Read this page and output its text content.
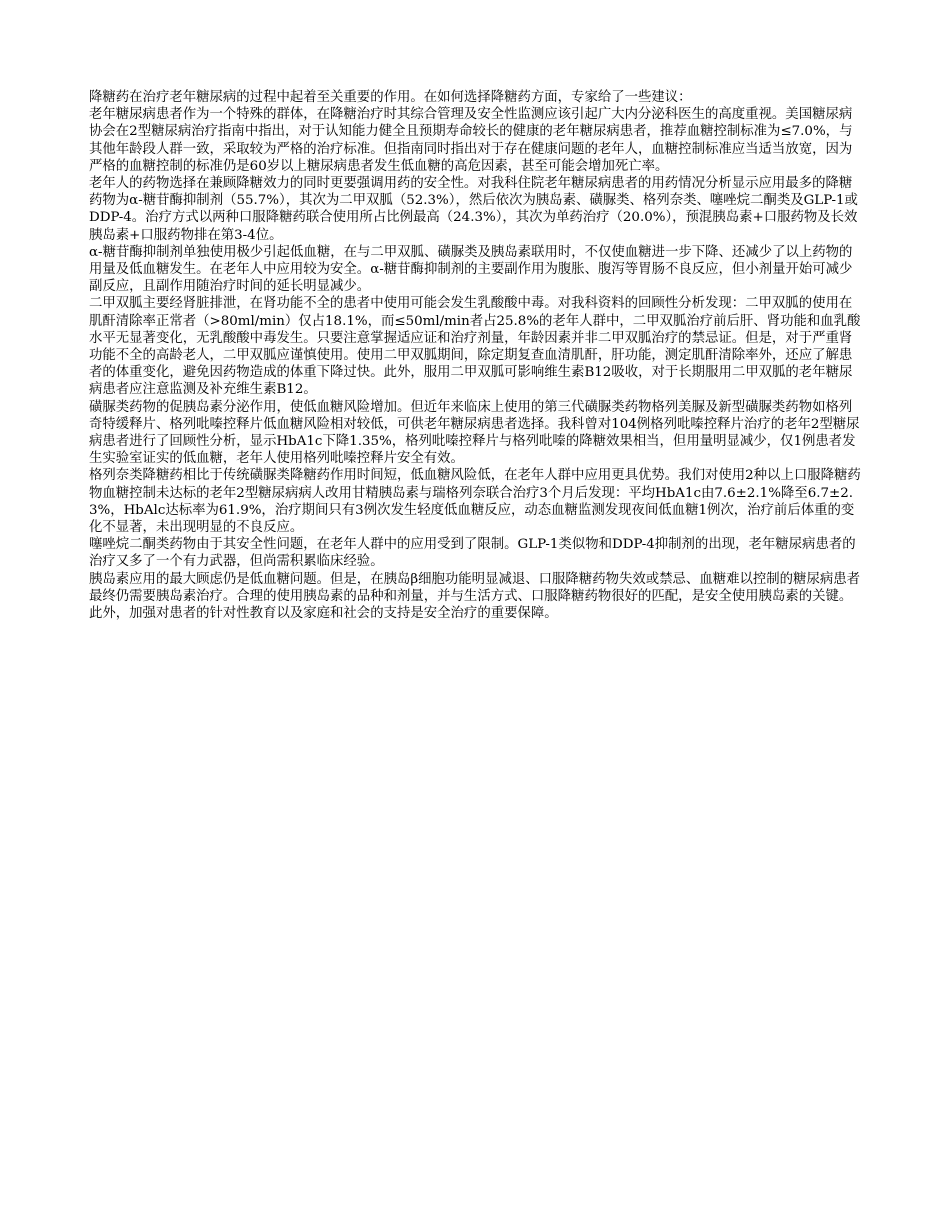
降糖药在治疗老年糖尿病的过程中起着至关重要的作用。在如何选择降糖药方面，专家给了一些建议：

老年糖尿病患者作为一个特殊的群体，在降糖治疗时其综合管理及安全性监测应该引起广大内分泌科医生的高度重视。美国糖尿病协会在2型糖尿病治疗指南中指出，对于认知能力健全且预期寿命较长的健康的老年糖尿病患者，推荐血糖控制标准为≤7.0%，与其他年龄段人群一致，采取较为严格的治疗标准。但指南同时指出对于存在健康问题的老年人，血糖控制标准应当适当放宽，因为严格的血糖控制的标准仍是60岁以上糖尿病患者发生低血糖的高危因素，甚至可能会增加死亡率。

老年人的药物选择在兼顾降糖效力的同时更要强调用药的安全性。对我科住院老年糖尿病患者的用药情况分析显示应用最多的降糖药物为α-糖苷酶抑制剂（55.7%），其次为二甲双胍（52.3%），然后依次为胰岛素、磺脲类、格列奈类、噻唑烷二酮类及GLP-1或DDP-4。治疗方式以两种口服降糖药联合使用所占比例最高（24.3%），其次为单药治疗（20.0%），预混胰岛素+口服药物及长效胰岛素+口服药物排在第3-4位。

α-糖苷酶抑制剂单独使用极少引起低血糖，在与二甲双胍、磺脲类及胰岛素联用时，不仅使血糖进一步下降、还减少了以上药物的用量及低血糖发生。在老年人中应用较为安全。α-糖苷酶抑制剂的主要副作用为腹胀、腹泻等胃肠不良反应，但小剂量开始可减少副反应，且副作用随治疗时间的延长明显减少。

二甲双胍主要经肾脏排泄，在肾功能不全的患者中使用可能会发生乳酸酸中毒。对我科资料的回顾性分析发现：二甲双胍的使用在肌酐清除率正常者（>80ml/min）仅占18.1%，而≤50ml/min者占25.8%的老年人群中，二甲双胍治疗前后肝、肾功能和血乳酸水平无显著变化，无乳酸酸中毒发生。只要注意掌握适应证和治疗剂量，年龄因素并非二甲双胍治疗的禁忌证。但是，对于严重肾功能不全的高龄老人，二甲双胍应谨慎使用。使用二甲双胍期间，除定期复查血清肌酐，肝功能，测定肌酐清除率外，还应了解患者的体重变化，避免因药物造成的体重下降过快。此外，服用二甲双胍可影响维生素B12吸收，对于长期服用二甲双胍的老年糖尿病患者应注意监测及补充维生素B12。

磺脲类药物的促胰岛素分泌作用，使低血糖风险增加。但近年来临床上使用的第三代磺脲类药物格列美脲及新型磺脲类药物如格列奇特缓释片、格列吡嗪控释片低血糖风险相对较低，可供老年糖尿病患者选择。我科曾对104例格列吡嗪控释片治疗的老年2型糖尿病患者进行了回顾性分析，显示HbA1c下降1.35%，格列吡嗪控释片与格列吡嗪的降糖效果相当，但用量明显减少，仅1例患者发生实验室证实的低血糖，老年人使用格列吡嗪控释片安全有效。

格列奈类降糖药相比于传统磺脲类降糖药作用时间短，低血糖风险低，在老年人群中应用更具优势。我们对使用2种以上口服降糖药物血糖控制未达标的老年2型糖尿病病人改用甘精胰岛素与瑞格列奈联合治疗3个月后发现：平均HbA1c由7.6±2.1%降至6.7±2.3%，HbAlc达标率为61.9%，治疗期间只有3例次发生轻度低血糖反应，动态血糖监测发现夜间低血糖1例次，治疗前后体重的变化不显著，未出现明显的不良反应。

噻唑烷二酮类药物由于其安全性问题，在老年人群中的应用受到了限制。GLP-1类似物和DDP-4抑制剂的出现，老年糖尿病患者的治疗又多了一个有力武器，但尚需积累临床经验。

胰岛素应用的最大顾虑仍是低血糖问题。但是，在胰岛β细胞功能明显减退、口服降糖药物失效或禁忌、血糖难以控制的糖尿病患者最终仍需要胰岛素治疗。合理的使用胰岛素的品种和剂量，并与生活方式、口服降糖药物很好的匹配，是安全使用胰岛素的关键。

此外，加强对患者的针对性教育以及家庭和社会的支持是安全治疗的重要保障。
